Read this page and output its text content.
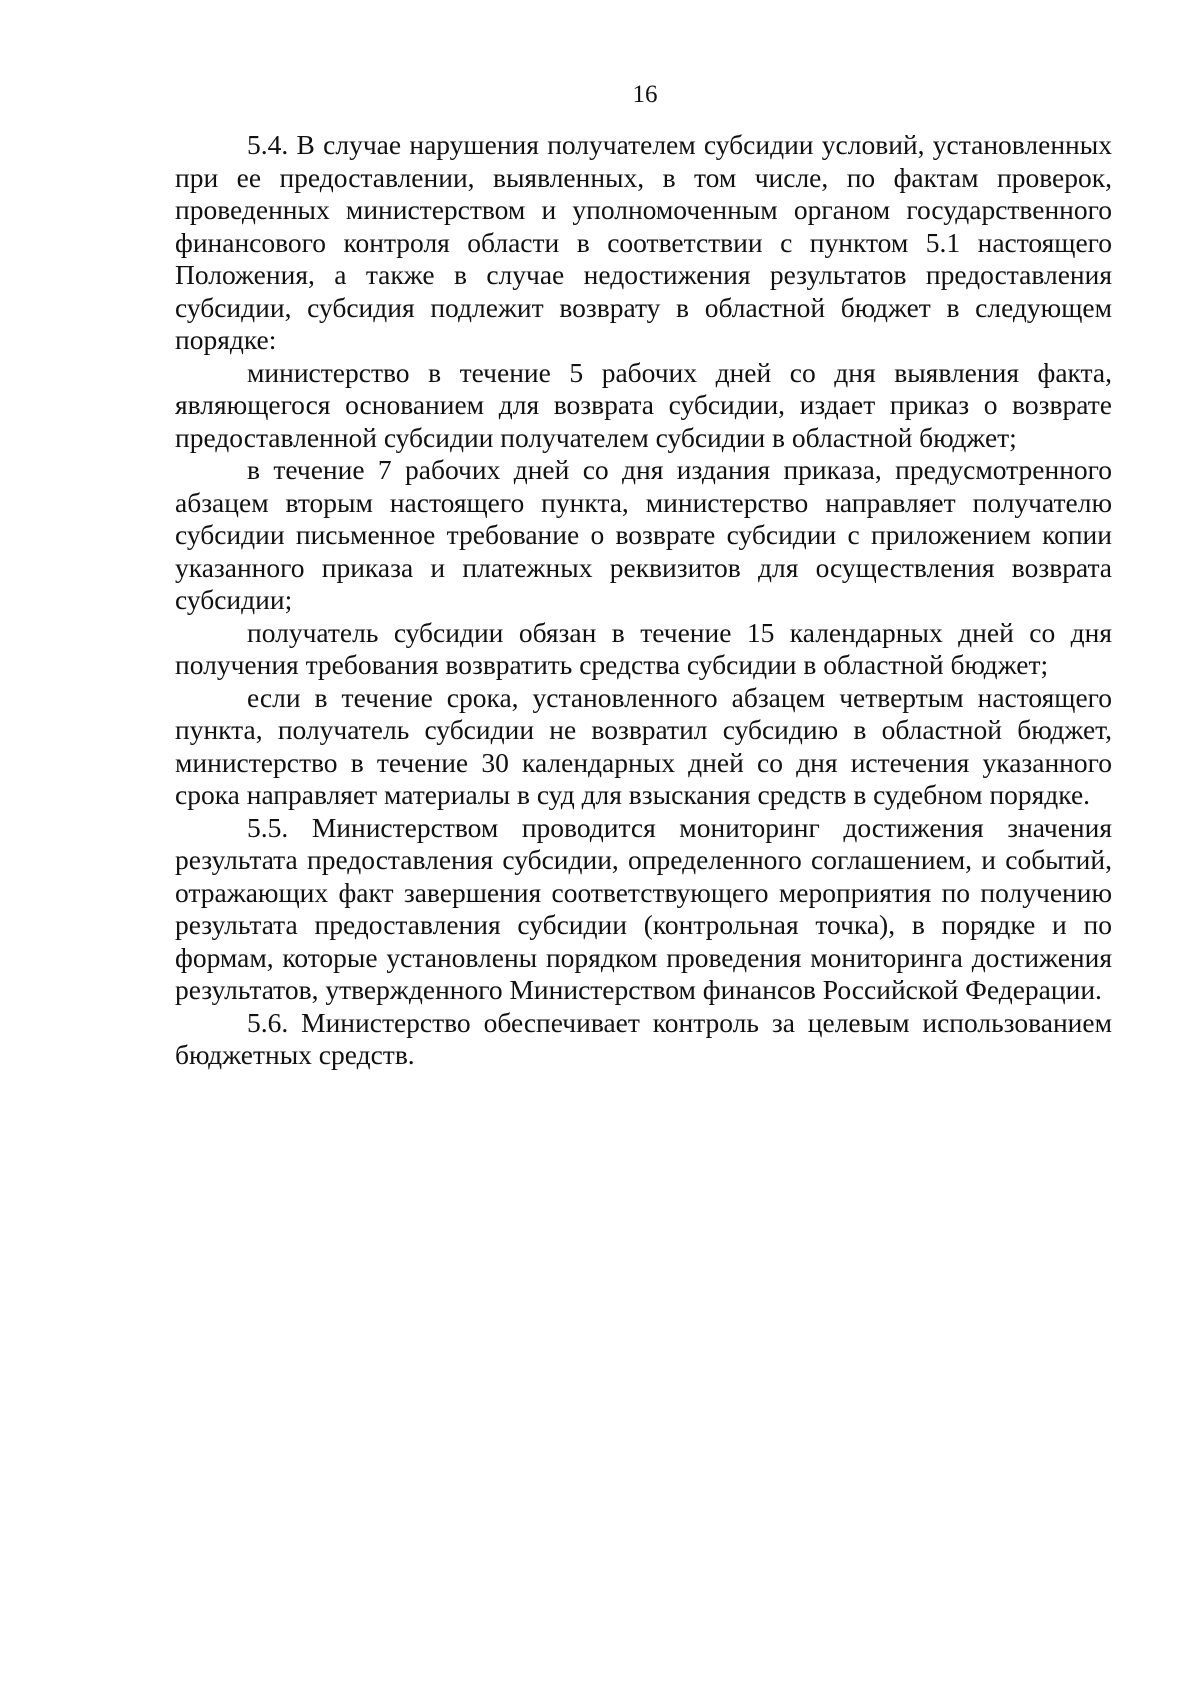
16

5.4. В случае нарушения получателем субсидии условий, установленных при ее предоставлении, выявленных, в том числе, по фактам проверок, проведенных министерством и уполномоченным органом государственного финансового контроля области в соответствии с пунктом 5.1 настоящего Положения, а также в случае недостижения результатов предоставления субсидии, субсидия подлежит возврату в областной бюджет в следующем порядке:

министерство в течение 5 рабочих дней со дня выявления факта, являющегося основанием для возврата субсидии, издает приказ о возврате предоставленной субсидии получателем субсидии в областной бюджет;

в течение 7 рабочих дней со дня издания приказа, предусмотренного абзацем вторым настоящего пункта, министерство направляет получателю субсидии письменное требование о возврате субсидии с приложением копии указанного приказа и платежных реквизитов для осуществления возврата субсидии;

получатель субсидии обязан в течение 15 календарных дней со дня получения требования возвратить средства субсидии в областной бюджет;

если в течение срока, установленного абзацем четвертым настоящего пункта, получатель субсидии не возвратил субсидию в областной бюджет, министерство в течение 30 календарных дней со дня истечения указанного срока направляет материалы в суд для взыскания средств в судебном порядке.

5.5. Министерством проводится мониторинг достижения значения результата предоставления субсидии, определенного соглашением, и событий, отражающих факт завершения соответствующего мероприятия по получению результата предоставления субсидии (контрольная точка), в порядке и по формам, которые установлены порядком проведения мониторинга достижения результатов, утвержденного Министерством финансов Российской Федерации.

5.6. Министерство обеспечивает контроль за целевым использованием бюджетных средств.
